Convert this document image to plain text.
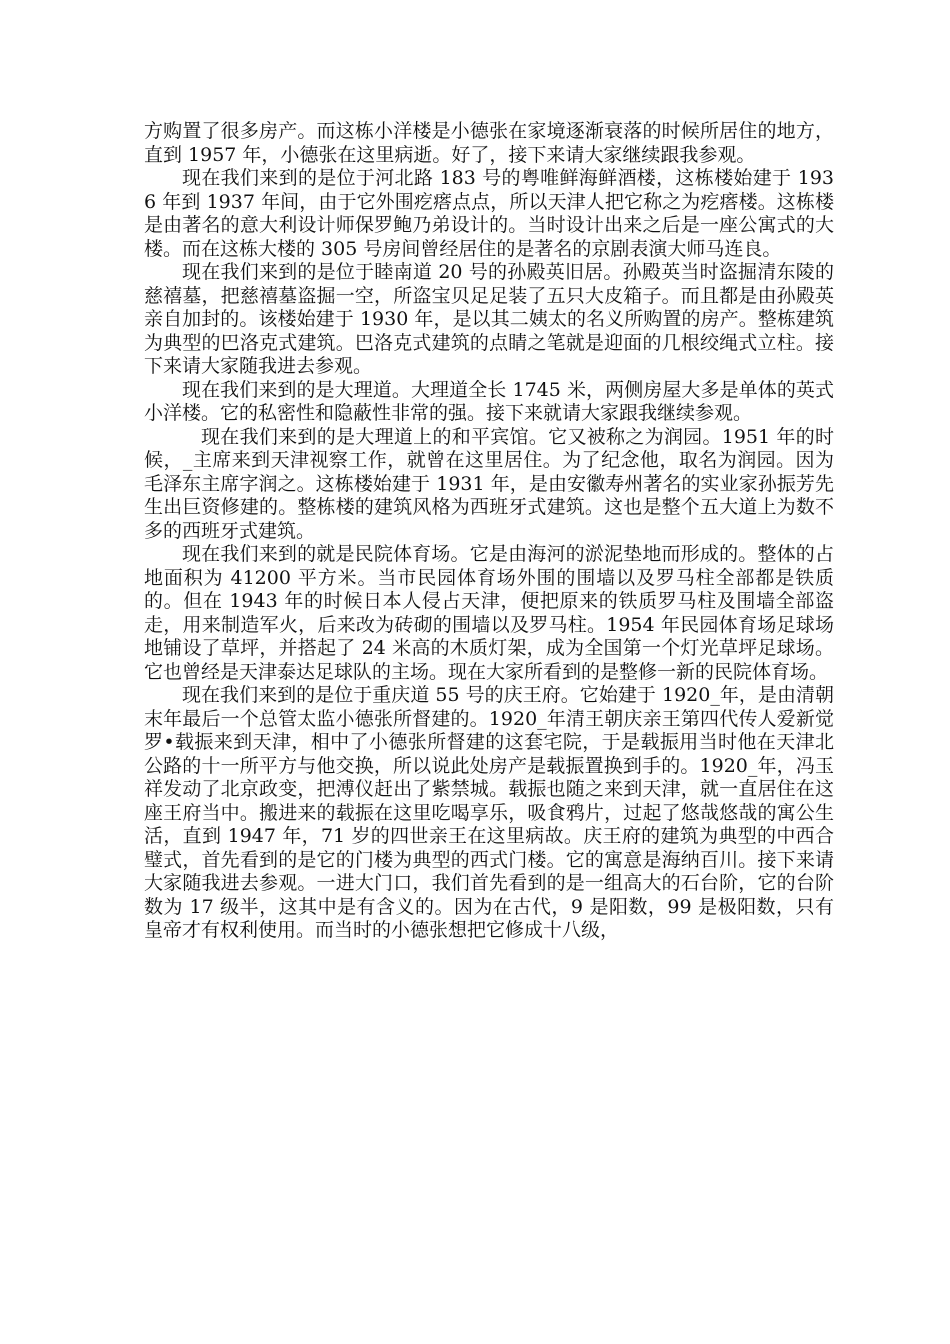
方购置了很多房产。而这栋小洋楼是小德张在家境逐渐衰落的时候所居住的地方，直到 1957 年，小德张在这里病逝。好了，接下来请大家继续跟我参观。

现在我们来到的是位于河北路 183 号的粤唯鲜海鲜酒楼，这栋楼始建于 1936 年到 1937 年间，由于它外围疙瘩点点，所以天津人把它称之为疙瘩楼。这栋楼是由著名的意大利设计师保罗鲍乃弟设计的。当时设计出来之后是一座公寓式的大楼。而在这栋大楼的 305 号房间曾经居住的是著名的京剧表演大师马连良。

现在我们来到的是位于睦南道 20 号的孙殿英旧居。孙殿英当时盗掘清东陵的慈禧墓，把慈禧墓盗掘一空，所盗宝贝足足装了五只大皮箱子。而且都是由孙殿英亲自加封的。该楼始建于 1930 年，是以其二姨太的名义所购置的房产。整栋建筑为典型的巴洛克式建筑。巴洛克式建筑的点睛之笔就是迎面的几根绞绳式立柱。接下来请大家随我进去参观。

现在我们来到的是大理道。大理道全长 1745 米，两侧房屋大多是单体的英式小洋楼。它的私密性和隐蔽性非常的强。接下来就请大家跟我继续参观。

现在我们来到的是大理道上的和平宾馆。它又被称之为润园。1951 年的时候，_主席来到天津视察工作，就曾在这里居住。为了纪念他，取名为润园。因为毛泽东主席字润之。这栋楼始建于 1931 年，是由安徽寿州著名的实业家孙振芳先生出巨资修建的。整栋楼的建筑风格为西班牙式建筑。这也是整个五大道上为数不多的西班牙式建筑。

现在我们来到的就是民院体育场。它是由海河的淤泥垫地而形成的。整体的占地面积为 41200 平方米。当市民园体育场外围的围墙以及罗马柱全部都是铁质的。但在 1943 年的时候日本人侵占天津，便把原来的铁质罗马柱及围墙全部盗走，用来制造军火，后来改为砖砌的围墙以及罗马柱。1954 年民园体育场足球场地铺设了草坪，并搭起了 24 米高的木质灯架，成为全国第一个灯光草坪足球场。它也曾经是天津泰达足球队的主场。现在大家所看到的是整修一新的民院体育场。

现在我们来到的是位于重庆道 55 号的庆王府。它始建于 1920_年，是由清朝末年最后一个总管太监小德张所督建的。1920_年清王朝庆亲王第四代传人爱新觉罗•载振来到天津，相中了小德张所督建的这套宅院，于是载振用当时他在天津北公路的十一所平方与他交换，所以说此处房产是载振置换到手的。1920_年，冯玉祥发动了北京政变，把溥仪赶出了紫禁城。载振也随之来到天津，就一直居住在这座王府当中。搬进来的载振在这里吃喝享乐，吸食鸦片，过起了悠哉悠哉的寓公生活，直到 1947 年，71 岁的四世亲王在这里病故。庆王府的建筑为典型的中西合璧式，首先看到的是它的门楼为典型的西式门楼。它的寓意是海纳百川。接下来请大家随我进去参观。一进大门口，我们首先看到的是一组高大的石台阶，它的台阶数为 17 级半，这其中是有含义的。因为在古代，9 是阳数，99 是极阳数，只有皇帝才有权利使用。而当时的小德张想把它修成十八级，
